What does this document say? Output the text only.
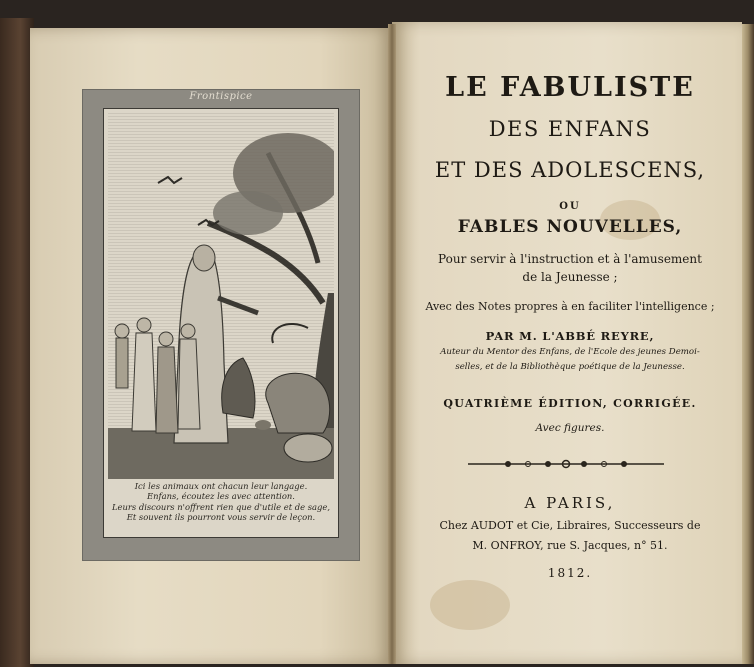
Frontispice
Ici les animaux ont chacun leur langage.
Enfans, écoutez les avec attention.
Leurs discours n'offrent rien que d'utile et de sage,
Et souvent ils pourront vous servir de leçon.
LE FABULISTE
DES ENFANS
ET DES ADOLESCENS,
OU
FABLES NOUVELLES,
Pour servir à l'instruction et à l'amusement
de la Jeunesse ;
Avec des Notes propres à en faciliter l'intelligence ;
PAR M. L'ABBÉ REYRE,
Auteur du Mentor des Enfans, de l'Ecole des jeunes Demoi-
selles, et de la Bibliothèque poétique de la Jeunesse.
QUATRIÈME ÉDITION, CORRIGÉE.
Avec figures.
A PARIS,
Chez AUDOT et Cie, Libraires, Successeurs de
M. ONFROY, rue S. Jacques, n° 51.
1812.
